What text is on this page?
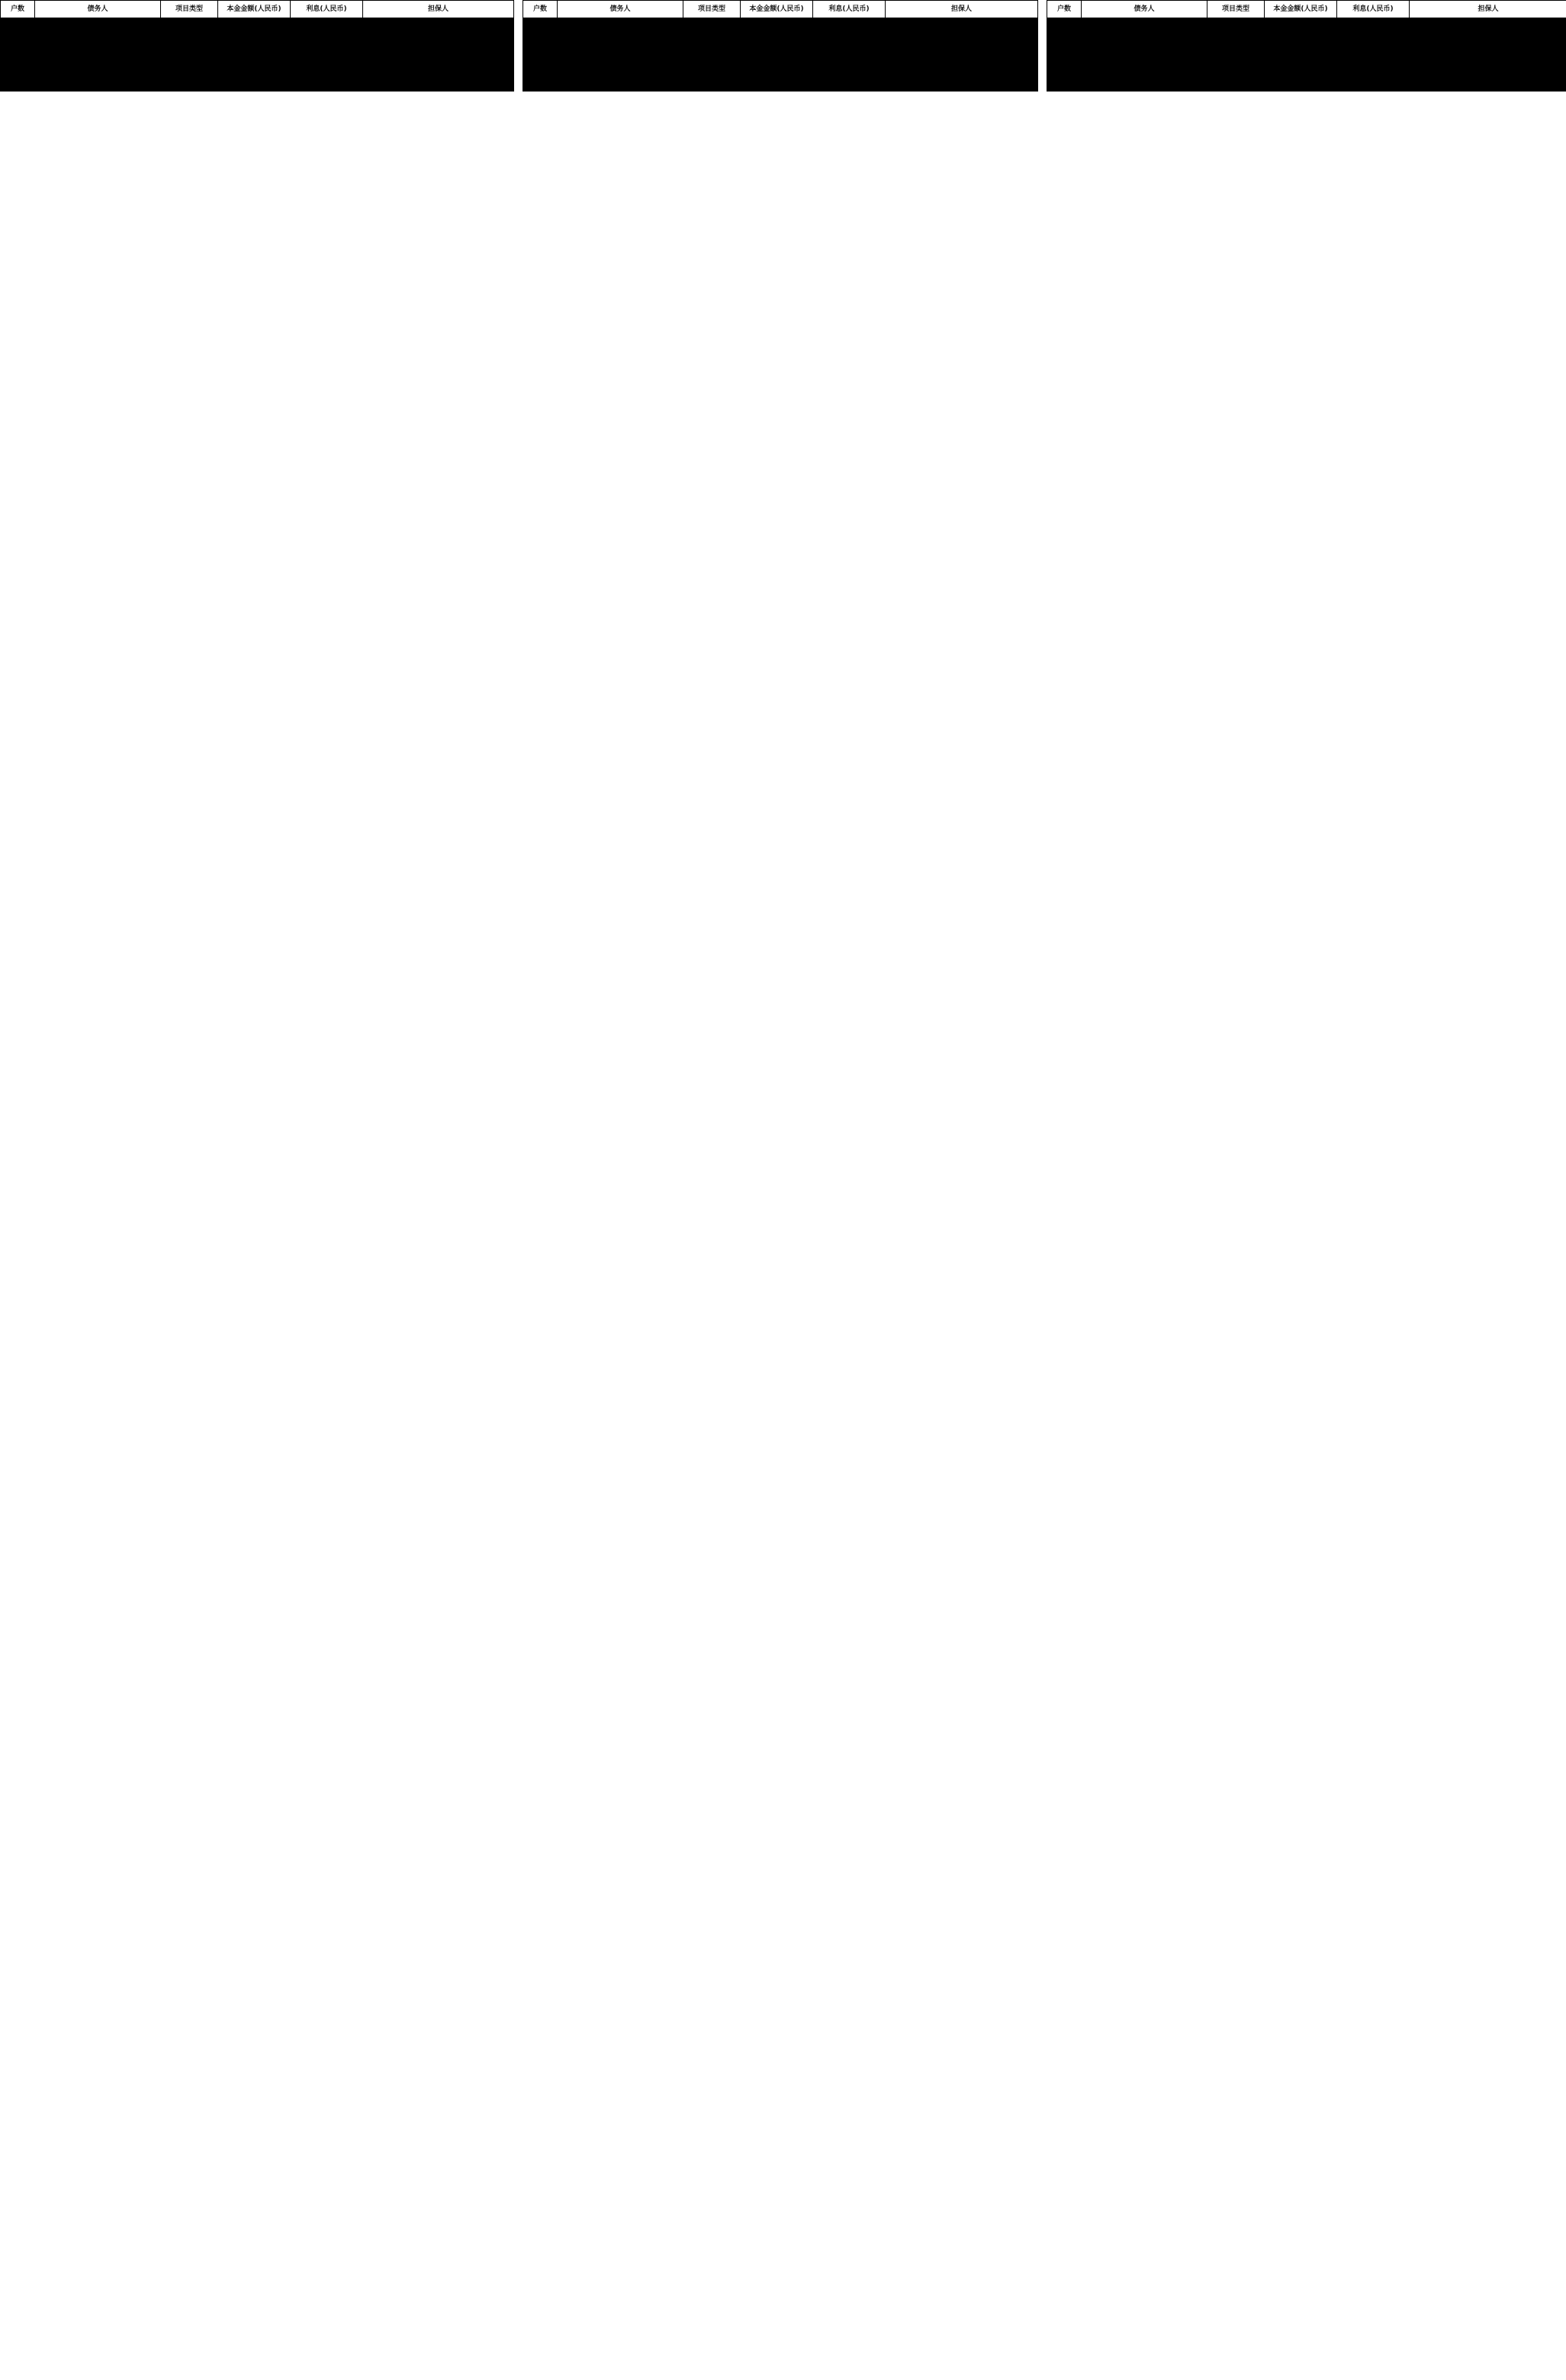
户数	债务人	项目类型	本金金额(人民币)	利息(人民币)	担保人	户数	债务人	项目类型	本金金额(人民币)	利息(人民币)	担保人	户数	债务人	项目类型	本金金额(人民币)	利息(人民币)	担保人
